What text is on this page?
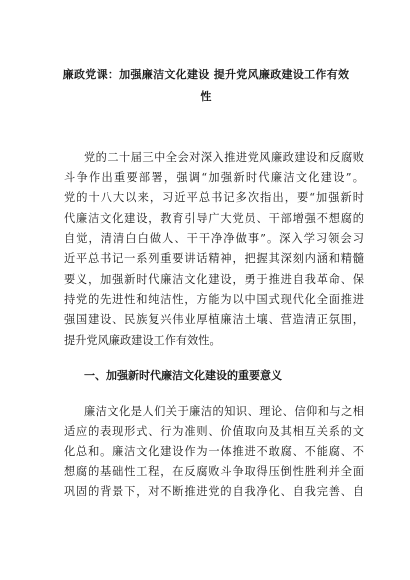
廉政党课：加强廉洁文化建设 提升党风廉政建设工作有效
性
党的二十届三中全会对深入推进党风廉政建设和反腐败
斗争作出重要部署，强调“加强新时代廉洁文化建设”。
党的十八大以来，习近平总书记多次指出，要“加强新时
代廉洁文化建设，教育引导广大党员、干部增强不想腐的
自觉，清清白白做人、干干净净做事”。深入学习领会习
近平总书记一系列重要讲话精神，把握其深刻内涵和精髓
要义，加强新时代廉洁文化建设，勇于推进自我革命、保
持党的先进性和纯洁性，方能为以中国式现代化全面推进
强国建设、民族复兴伟业厚植廉洁土壤、营造清正氛围，
提升党风廉政建设工作有效性。
一、加强新时代廉洁文化建设的重要意义
廉洁文化是人们关于廉洁的知识、理论、信仰和与之相
适应的表现形式、行为准则、价值取向及其相互关系的文
化总和。廉洁文化建设作为一体推进不敢腐、不能腐、不
想腐的基础性工程，在反腐败斗争取得压倒性胜利并全面
巩固的背景下，对不断推进党的自我净化、自我完善、自
